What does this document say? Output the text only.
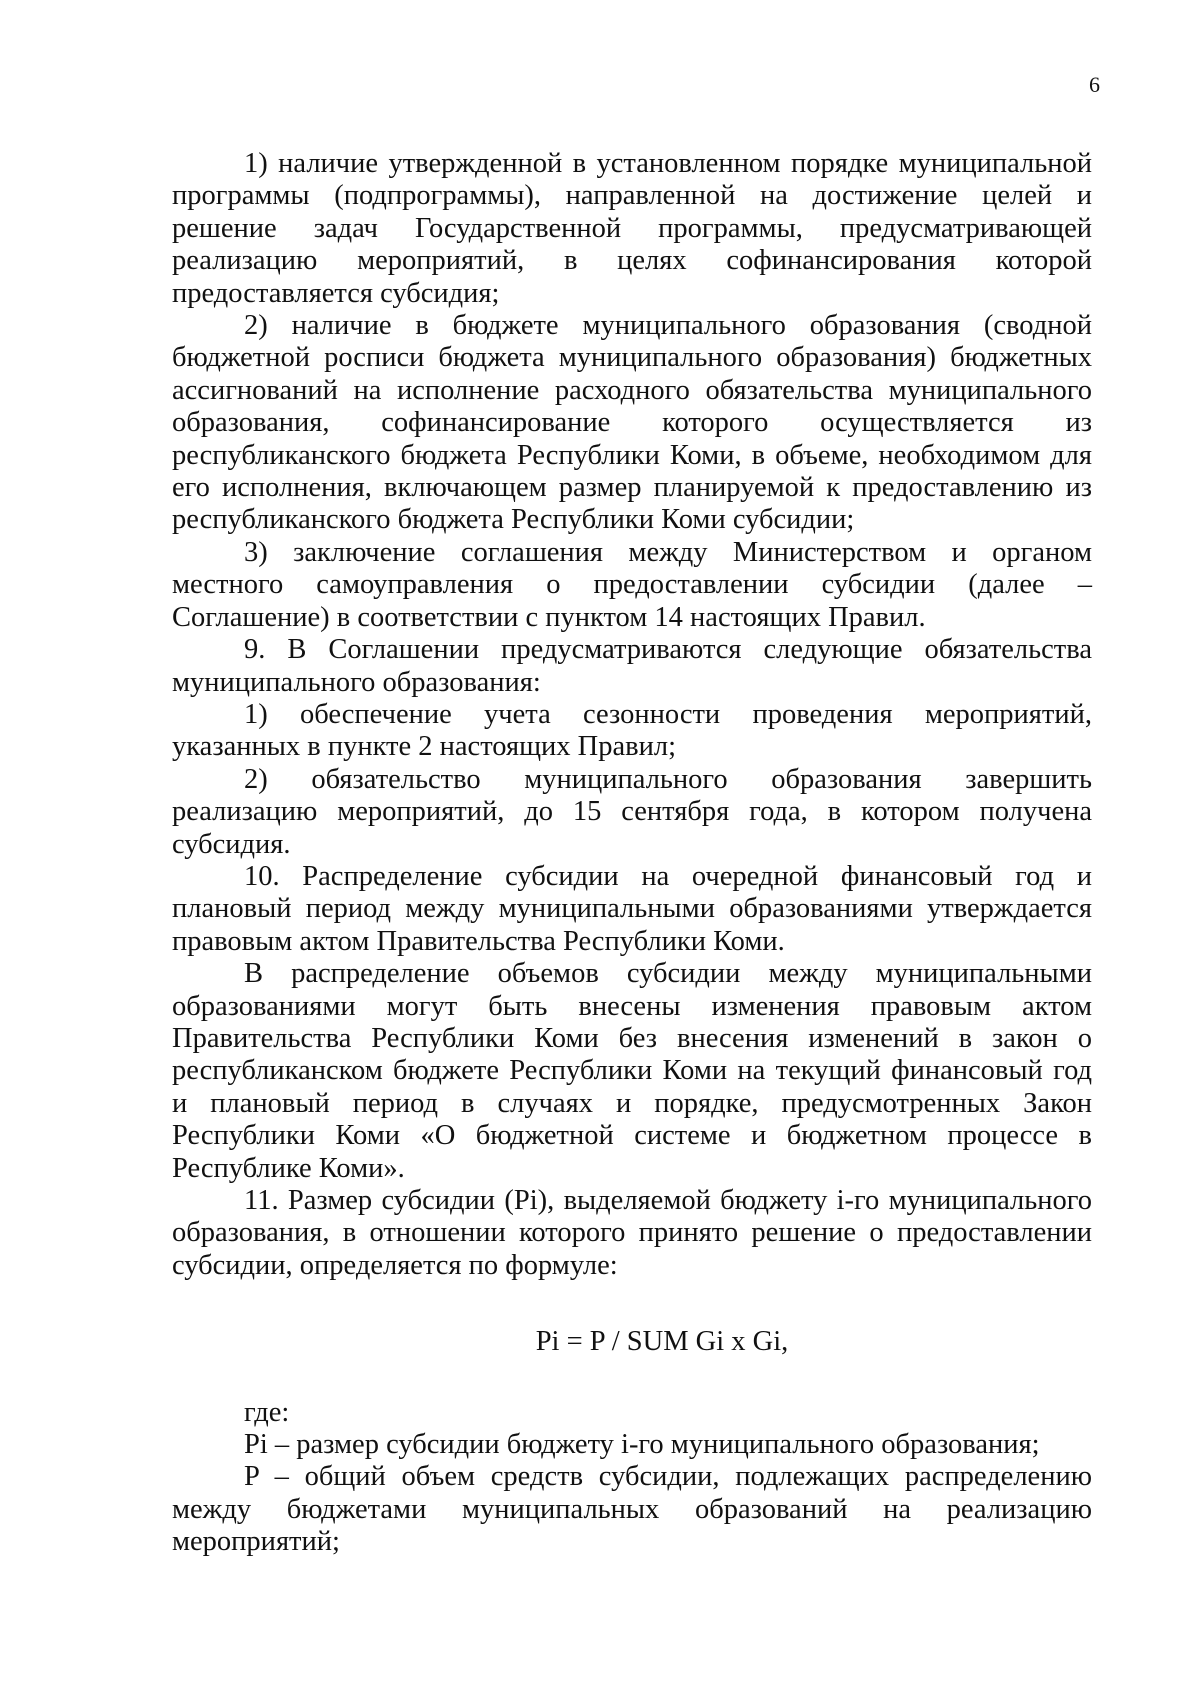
6

1) наличие утвержденной в установленном порядке муниципальной программы (подпрограммы), направленной на достижение целей и решение задач Государственной программы, предусматривающей реализацию мероприятий, в целях софинансирования которой предоставляется субсидия;

2) наличие в бюджете муниципального образования (сводной бюджетной росписи бюджета муниципального образования) бюджетных ассигнований на исполнение расходного обязательства муниципального образования, софинансирование которого осуществляется из республиканского бюджета Республики Коми, в объеме, необходимом для его исполнения, включающем размер планируемой к предоставлению из республиканского бюджета Республики Коми субсидии;

3) заключение соглашения между Министерством и органом местного самоуправления о предоставлении субсидии (далее – Соглашение) в соответствии с пунктом 14 настоящих Правил.

9. В Соглашении предусматриваются следующие обязательства муниципального образования:

1) обеспечение учета сезонности проведения мероприятий, указанных в пункте 2 настоящих Правил;

2) обязательство муниципального образования завершить реализацию мероприятий, до 15 сентября года, в котором получена субсидия.

10. Распределение субсидии на очередной финансовый год и плановый период между муниципальными образованиями утверждается правовым актом Правительства Республики Коми.

В распределение объемов субсидии между муниципальными образованиями могут быть внесены изменения правовым актом Правительства Республики Коми без внесения изменений в закон о республиканском бюджете Республики Коми на текущий финансовый год и плановый период в случаях и порядке, предусмотренных Закон Республики Коми «О бюджетной системе и бюджетном процессе в Республике Коми».

11. Размер субсидии (Pi), выделяемой бюджету i-го муниципального образования, в отношении которого принято решение о предоставлении субсидии, определяется по формуле:

Pi = P / SUM Gi x Gi,

где:

Pi – размер субсидии бюджету i-го муниципального образования;

P – общий объем средств субсидии, подлежащих распределению между бюджетами муниципальных образований на реализацию мероприятий;
